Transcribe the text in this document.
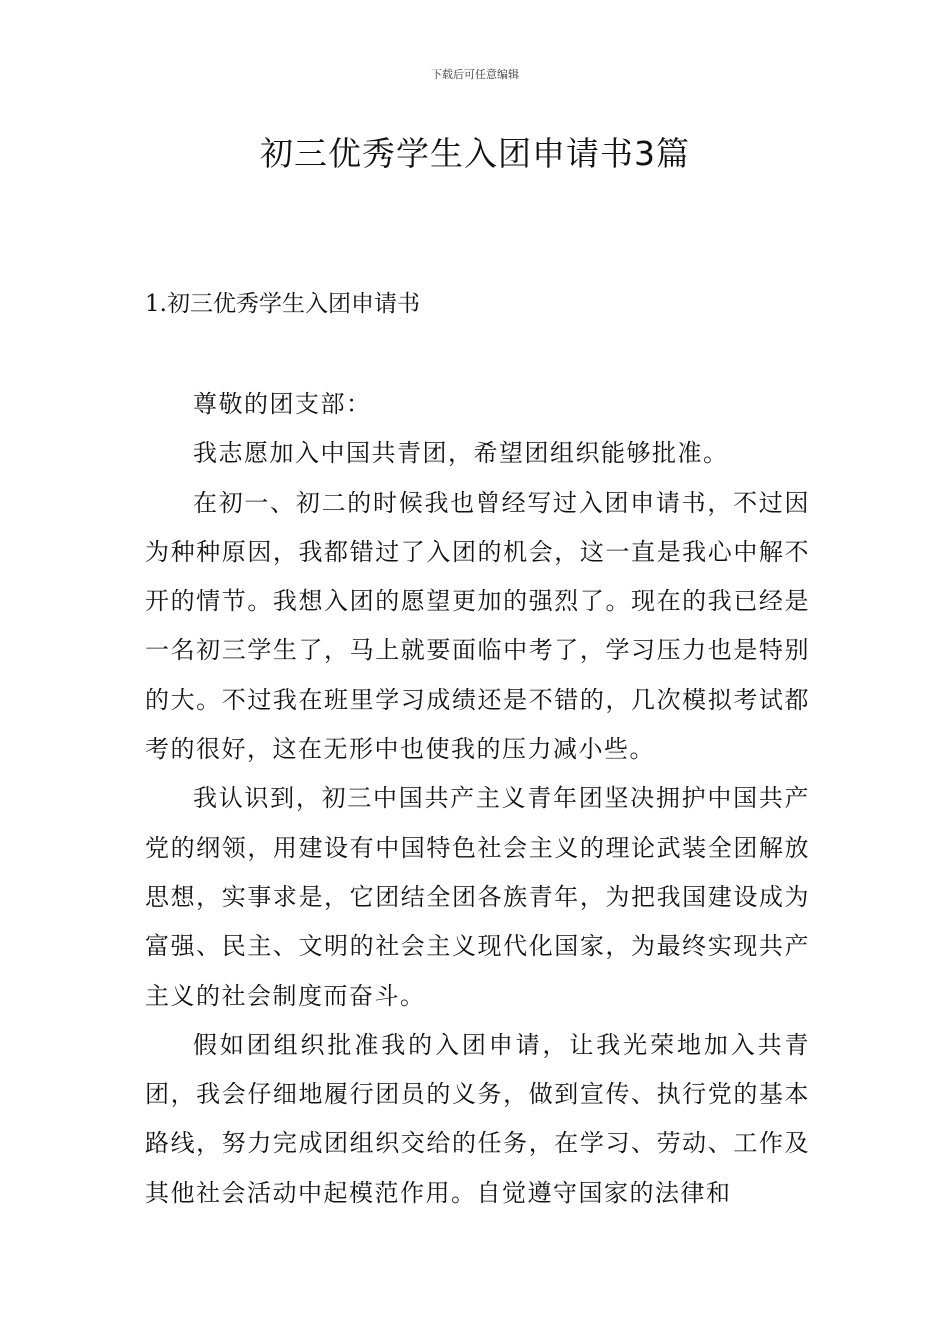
下载后可任意编辑
初三优秀学生入团申请书3篇
1.初三优秀学生入团申请书

尊敬的团支部：

我志愿加入中国共青团，希望团组织能够批准。

在初一、初二的时候我也曾经写过入团申请书，不过因为种种原因，我都错过了入团的机会，这一直是我心中解不开的情节。我想入团的愿望更加的强烈了。现在的我已经是一名初三学生了，马上就要面临中考了，学习压力也是特别的大。不过我在班里学习成绩还是不错的，几次模拟考试都考的很好，这在无形中也使我的压力减小些。

我认识到，初三中国共产主义青年团坚决拥护中国共产党的纲领，用建设有中国特色社会主义的理论武装全团解放思想，实事求是，它团结全团各族青年，为把我国建设成为富强、民主、文明的社会主义现代化国家，为最终实现共产主义的社会制度而奋斗。

假如团组织批准我的入团申请，让我光荣地加入共青团，我会仔细地履行团员的义务，做到宣传、执行党的基本路线，努力完成团组织交给的任务，在学习、劳动、工作及其他社会活动中起模范作用。自觉遵守国家的法律和
